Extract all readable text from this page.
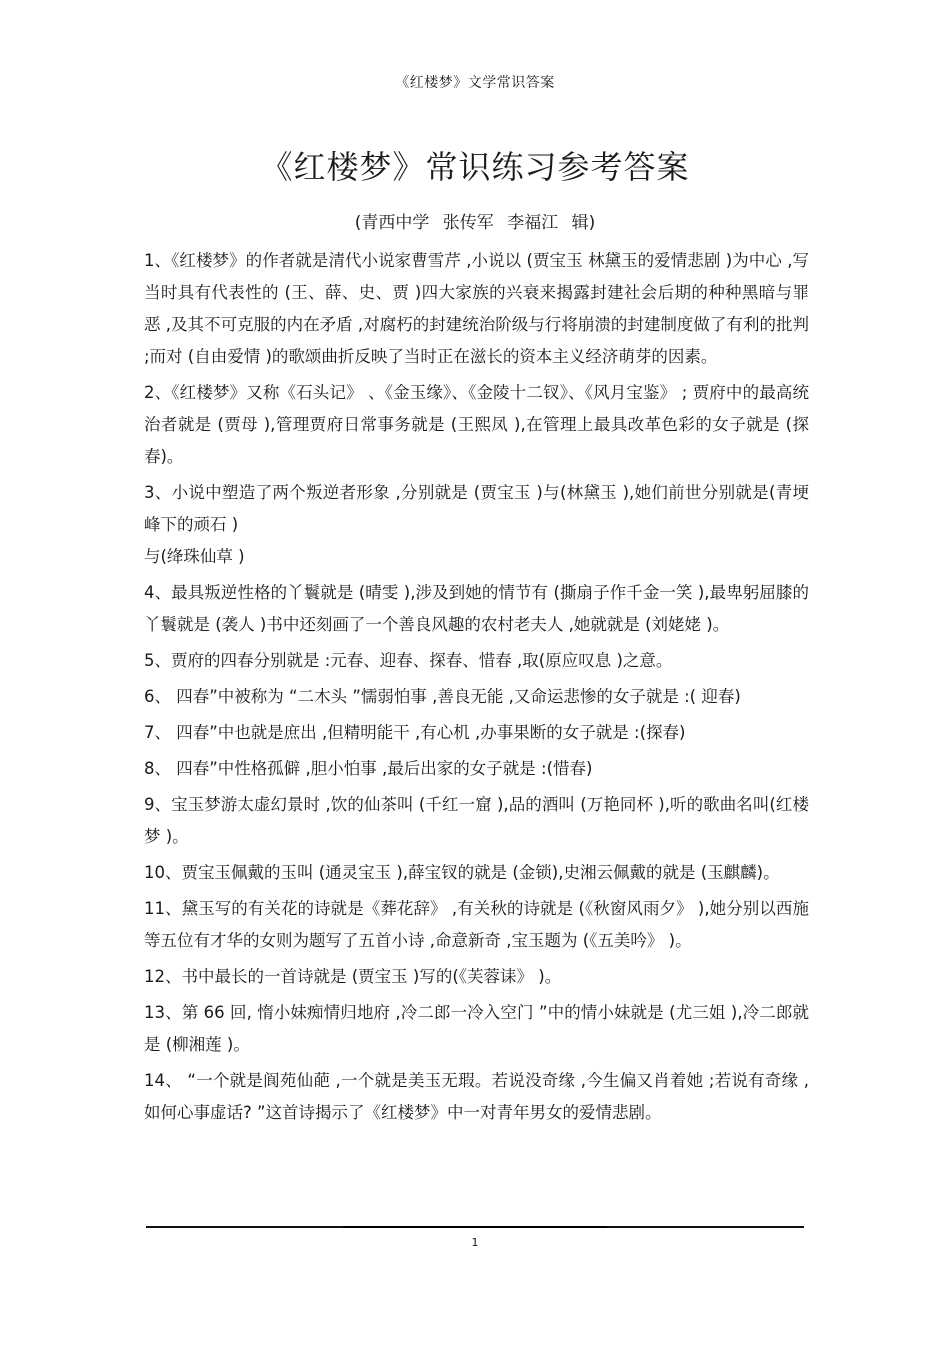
《红楼梦》文学常识答案
《红楼梦》常识练习参考答案
(青西中学 张传军 李福江 辑)

1、《红楼梦》的作者就是清代小说家曹雪芹 ,小说以 (贾宝玉 林黛玉的爱情悲剧 )为中心 ,写当时具有代表性的 (王、薛、史、贾 )四大家族的兴衰来揭露封建社会后期的种种黑暗与罪恶 ,及其不可克服的内在矛盾 ,对腐朽的封建统治阶级与行将崩溃的封建制度做了有利的批判 ;而对 (自由爱情 )的歌颂曲折反映了当时正在滋长的资本主义经济萌芽的因素。

2、《红楼梦》又称《石头记》 、《金玉缘》、《金陵十二钗》、《风月宝鉴》 ; 贾府中的最高统治者就是 (贾母 ),管理贾府日常事务就是 (王熙凤 ),在管理上最具改革色彩的女子就是 (探春)。

3、小说中塑造了两个叛逆者形象 ,分别就是 (贾宝玉 )与(林黛玉 ),她们前世分别就是(青埂峰下的顽石 )

与(绛珠仙草 )

4、最具叛逆性格的丫鬟就是 (晴雯 ),涉及到她的情节有 (撕扇子作千金一笑 ),最卑躬屈膝的丫鬟就是 (袭人 )书中还刻画了一个善良风趣的农村老夫人 ,她就就是 (刘姥姥 )。

5、贾府的四春分别就是 :元春、迎春、探春、惜春 ,取(原应叹息 )之意。

6、 四春”中被称为 “二木头 ”懦弱怕事 ,善良无能 ,又命运悲惨的女子就是 :( 迎春)

7、 四春”中也就是庶出 ,但精明能干 ,有心机 ,办事果断的女子就是 :(探春)

8、 四春”中性格孤僻 ,胆小怕事 ,最后出家的女子就是 :(惜春)

9、宝玉梦游太虚幻景时 ,饮的仙茶叫 (千红一窟 ),品的酒叫 (万艳同杯 ),听的歌曲名叫(红楼梦 )。

10、贾宝玉佩戴的玉叫 (通灵宝玉 ),薛宝钗的就是 (金锁),史湘云佩戴的就是 (玉麒麟)。

11、黛玉写的有关花的诗就是《葬花辞》 ,有关秋的诗就是 (《秋窗风雨夕》 ),她分别以西施等五位有才华的女则为题写了五首小诗 ,命意新奇 ,宝玉题为 (《五美吟》 )。

12、书中最长的一首诗就是 (贾宝玉 )写的(《芙蓉诔》 )。

13、第 66 回, 惰小妹痴情归地府 ,冷二郎一冷入空门 ”中的情小妹就是 (尤三姐 ),冷二郎就是 (柳湘莲 )。

14、 “一个就是阆苑仙葩 ,一个就是美玉无瑕。若说没奇缘 ,今生偏又肖着她 ;若说有奇缘 ,如何心事虚话? ”这首诗揭示了《红楼梦》中一对青年男女的爱情悲剧。

1
